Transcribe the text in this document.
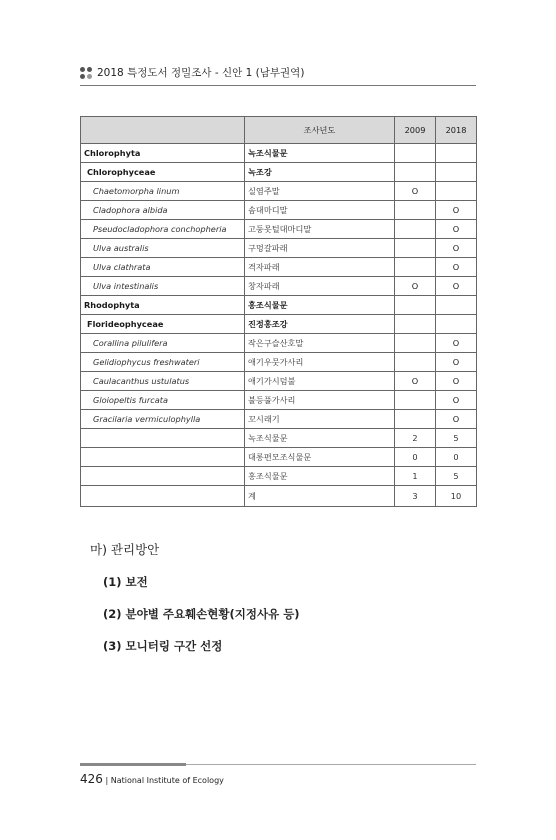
2018 특정도서 정밀조사 - 신안 1 (남부권역)
	조사년도	2009	2018
Chlorophyta	녹조식물문		
Chlorophyceae	녹조강		
Chaetomorpha linum	실염주말	O	
Cladophora albida	솜대마디말		O
Pseudocladophora conchopheria	고둥못털대마디말		O
Ulva australis	구멍갈파래		O
Ulva clathrata	격자파래		O
Ulva intestinalis	창자파래	O	O
Rhodophyta	홍조식물문		
Florideophyceae	진정홍조강		
Corallina pilulifera	작은구슬산호말		O
Gelidiophycus freshwateri	애기우뭇가사리		O
Caulacanthus ustulatus	애기가시덤불	O	O
Gloiopeltis furcata	불등풀가사리		O
Gracilaria vermiculophylla	꼬시래기		O
	녹조식물문	2	5
	대롱편모조식물문	0	0
	홍조식물문	1	5
	계	3	10
마) 관리방안
(1) 보전
(2) 분야별 주요훼손현황(지정사유 등)
(3) 모니터링 구간 선정
426 | National Institute of Ecology
